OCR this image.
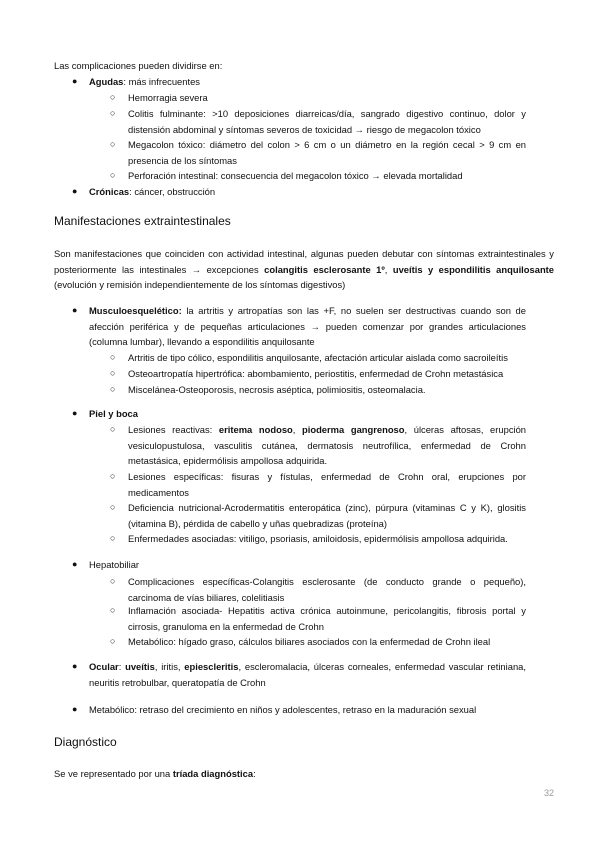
Las complicaciones pueden dividirse en:

● Agudas: más infrecuentes

○ Hemorragia severa

○ Colitis fulminante: >10 deposiciones diarreicas/día, sangrado digestivo continuo, dolor y distensión abdominal y síntomas severos de toxicidad → riesgo de megacolon tóxico

○ Megacolon tóxico: diámetro del colon > 6 cm o un diámetro en la región cecal > 9 cm en presencia de los síntomas

○ Perforación intestinal: consecuencia del megacolon tóxico → elevada mortalidad

● Crónicas: cáncer, obstrucción

Manifestaciones extraintestinales

Son manifestaciones que coinciden con actividad intestinal, algunas pueden debutar con síntomas extraintestinales y posteriormente las intestinales → excepciones colangitis esclerosante 1º, uveítis y espondilitis anquilosante (evolución y remisión independientemente de los síntomas digestivos)

● Musculoesquelético: la artritis y artropatías son las +F, no suelen ser destructivas cuando son de afección periférica y de pequeñas articulaciones → pueden comenzar por grandes articulaciones (columna lumbar), llevando a espondilitis anquilosante

○ Artritis de tipo cólico, espondilitis anquilosante, afectación articular aislada como sacroileítis

○ Osteoartropatía hipertrófica: abombamiento, periostitis, enfermedad de Crohn metastásica

○ Miscelánea-Osteoporosis, necrosis aséptica, polimiositis, osteomalacia.

● Piel y boca

○ Lesiones reactivas: eritema nodoso, pioderma gangrenoso, úlceras aftosas, erupción vesiculopustulosa, vasculitis cutánea, dermatosis neutrofílica, enfermedad de Crohn metastásica, epidermólisis ampollosa adquirida.

○ Lesiones específicas: fisuras y fístulas, enfermedad de Crohn oral, erupciones por medicamentos

○ Deficiencia nutricional-Acrodermatitis enteropática (zinc), púrpura (vitaminas C y K), glositis (vitamina B), pérdida de cabello y uñas quebradizas (proteína)

○ Enfermedades asociadas: vitiligo, psoriasis, amiloidosis, epidermólisis ampollosa adquirida.

● Hepatobiliar

○ Complicaciones específicas-Colangitis esclerosante (de conducto grande o pequeño), carcinoma de vías biliares, colelitiasis

○ Inflamación asociada- Hepatitis activa crónica autoinmune, pericolangitis, fibrosis portal y cirrosis, granuloma en la enfermedad de Crohn

○ Metabólico: hígado graso, cálculos biliares asociados con la enfermedad de Crohn ileal

● Ocular: uveítis, iritis, epiescleritis, escleromalacia, úlceras corneales, enfermedad vascular retiniana, neuritis retrobulbar, queratopatía de Crohn

● Metabólico: retraso del crecimiento en niños y adolescentes, retraso en la maduración sexual

Diagnóstico

Se ve representado por una tríada diagnóstica:

32
